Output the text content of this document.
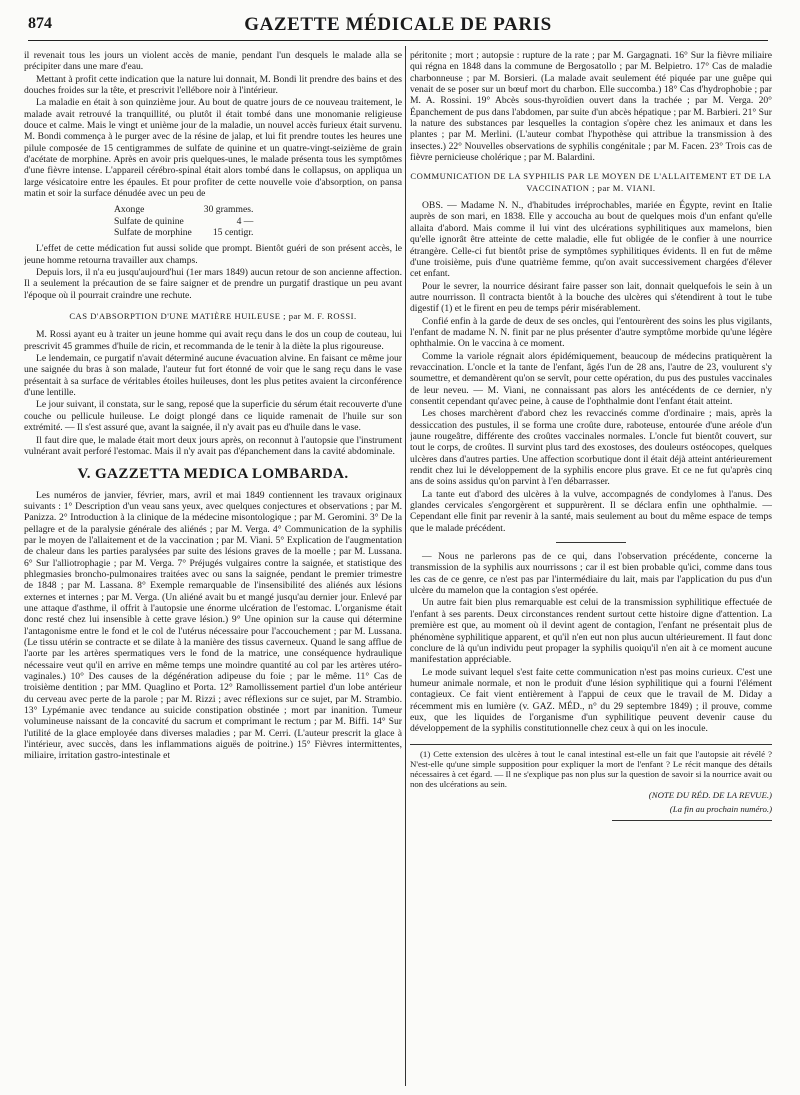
874	GAZETTE MÉDICALE DE PARIS

il revenait tous les jours un violent accès de manie, pendant l'un desquels le malade alla se précipiter dans une mare d'eau.

Mettant à profit cette indication que la nature lui donnait, M. Bondi lit prendre des bains et des douches froides sur la tête, et prescrivit l'ellébore noir à l'intérieur.

La maladie en était à son quinzième jour. Au bout de quatre jours de ce nouveau traitement, le malade avait retrouvé la tranquillité, ou plutôt il était tombé dans une monomanie religieuse douce et calme. Mais le vingt et unième jour de la maladie, un nouvel accès furieux était survenu. M. Bondi commença à le purger avec de la résine de jalap, et lui fit prendre toutes les heures une pilule composée de 15 centigrammes de sulfate de quinine et un quatre-vingt-seizième de grain d'acétate de morphine. Après en avoir pris quelques-unes, le malade présenta tous les symptômes d'une fièvre intense. L'appareil cérébro-spinal était alors tombé dans le collapsus, on appliqua un large vésicatoire entre les épaules. Et pour profiter de cette nouvelle voie d'absorption, on pansa matin et soir la surface dénudée avec un peu de

Axonge	30 grammes.
Sulfate de quinine	4 —
Sulfate de morphine	15 centigr.

L'effet de cette médication fut aussi solide que prompt. Bientôt guéri de son présent accès, le jeune homme retourna travailler aux champs.

Depuis lors, il n'a eu jusqu'aujourd'hui (1er mars 1849) aucun retour de son ancienne affection. Il a seulement la précaution de se faire saigner et de prendre un purgatif drastique un peu avant l'époque où il pourrait craindre une rechute.

CAS D'ABSORPTION D'UNE MATIÈRE HUILEUSE ; par M. F. ROSSI.

M. Rossi ayant eu à traiter un jeune homme qui avait reçu dans le dos un coup de couteau, lui prescrivit 45 grammes d'huile de ricin, et recommanda de le tenir à la diète la plus rigoureuse.

Le lendemain, ce purgatif n'avait déterminé aucune évacuation alvine. En faisant ce même jour une saignée du bras à son malade, l'auteur fut fort étonné de voir que le sang reçu dans le vase présentait à sa surface de véritables étoiles huileuses, dont les plus petites avaient la circonférence d'une lentille.

Le jour suivant, il constata, sur le sang, reposé que la superficie du sérum était recouverte d'une couche ou pellicule huileuse. Le doigt plongé dans ce liquide ramenait de l'huile sur son extrémité. — Il s'est assuré que, avant la saignée, il n'y avait pas eu d'huile dans le vase.

Il faut dire que, le malade était mort deux jours après, on reconnut à l'autopsie que l'instrument vulnérant avait perforé l'estomac. Mais il n'y avait pas d'épanchement dans la cavité abdominale.

V. GAZZETTA MEDICA LOMBARDA.

Les numéros de janvier, février, mars, avril et mai 1849 contiennent les travaux originaux suivants : 1° Description d'un veau sans yeux, avec quelques conjectures et observations ; par M. Panizza. 2° Introduction à la clinique de la médecine misontologique ; par M. Geromini. 3° De la pellagre et de la paralysie générale des aliénés ; par M. Verga. 4° Communication de la syphilis par le moyen de l'allaitement et de la vaccination ; par M. Viani. 5° Explication de l'augmentation de chaleur dans les parties paralysées par suite des lésions graves de la moelle ; par M. Lussana. 6° Sur l'alliotrophagie ; par M. Verga. 7° Préjugés vulgaires contre la saignée, et statistique des phlegmasies broncho-pulmonaires traitées avec ou sans la saignée, pendant le premier trimestre de 1848 ; par M. Lassana. 8° Exemple remarquable de l'insensibilité des aliénés aux lésions externes et internes ; par M. Verga. (Un aliéné avait bu et mangé jusqu'au dernier jour. Enlevé par une attaque d'asthme, il offrit à l'autopsie une énorme ulcération de l'estomac. L'organisme était donc resté chez lui insensible à cette grave lésion.) 9° Une opinion sur la cause qui détermine l'antagonisme entre le fond et le col de l'utérus nécessaire pour l'accouchement ; par M. Lussana. (Le tissu utérin se contracte et se dilate à la manière des tissus caverneux. Quand le sang afflue de l'aorte par les artères spermatiques vers le fond de la matrice, une conséquence hydraulique nécessaire veut qu'il en arrive en même temps une moindre quantité au col par les artères utéro-vaginales.) 10° Des causes de la dégénération adipeuse du foie ; par le même. 11° Cas de troisième dentition ; par MM. Quaglino et Porta. 12° Ramollissement partiel d'un lobe antérieur du cerveau avec perte de la parole ; par M. Rizzi ; avec réflexions sur ce sujet, par M. Strambio. 13° Lypémanie avec tendance au suicide constipation obstinée ; mort par inanition. Tumeur volumineuse naissant de la concavité du sacrum et comprimant le rectum ; par M. Biffi. 14° Sur l'utilité de la glace employée dans diverses maladies ; par M. Cerri. (L'auteur prescrit la glace à l'intérieur, avec succès, dans les inflammations aiguës de poitrine.) 15° Fièvres intermittentes, miliaire, irritation gastro-intestinale et

péritonite ; mort ; autopsie : rupture de la rate ; par M. Gargagnati. 16° Sur la fièvre miliaire qui régna en 1848 dans la commune de Bergosatollo ; par M. Belpietro. 17° Cas de maladie charbonneuse ; par M. Borsieri. (La malade avait seulement été piquée par une guêpe qui venait de se poser sur un bœuf mort du charbon. Elle succomba.) 18° Cas d'hydrophobie ; par M. A. Rossini. 19° Abcès sous-thyroïdien ouvert dans la trachée ; par M. Verga. 20° Épanchement de pus dans l'abdomen, par suite d'un abcès hépatique ; par M. Barbieri. 21° Sur la nature des substances par lesquelles la contagion s'opère chez les animaux et dans les plantes ; par M. Merlini. (L'auteur combat l'hypothèse qui attribue la transmission à des insectes.) 22° Nouvelles observations de syphilis congénitale ; par M. Facen. 23° Trois cas de fièvre pernicieuse cholérique ; par M. Balardini.

COMMUNICATION DE LA SYPHILIS PAR LE MOYEN DE L'ALLAITEMENT ET DE LA VACCINATION ; par M. VIANI.

OBS. — Madame N. N., d'habitudes irréprochables, mariée en Égypte, revint en Italie auprès de son mari, en 1838. Elle y accoucha au bout de quelques mois d'un enfant qu'elle allaita d'abord. Mais comme il lui vint des ulcérations syphilitiques aux mamelons, bien qu'elle ignorât être atteinte de cette maladie, elle fut obligée de le confier à une nourrice étrangère. Celle-ci fut bientôt prise de symptômes syphilitiques évidents. Il en fut de même d'une troisième, puis d'une quatrième femme, qu'on avait successivement chargées d'élever cet enfant.

Pour le sevrer, la nourrice désirant faire passer son lait, donnait quelquefois le sein à un autre nourrisson. Il contracta bientôt à la bouche des ulcères qui s'étendirent à tout le tube digestif (1) et le firent en peu de temps périr misérablement.

Confié enfin à la garde de deux de ses oncles, qui l'entourèrent des soins les plus vigilants, l'enfant de madame N. N. finit par ne plus présenter d'autre symptôme morbide qu'une légère ophthalmie. On le vaccina à ce moment.

Comme la variole régnait alors épidémiquement, beaucoup de médecins pratiquèrent la revaccination. L'oncle et la tante de l'enfant, âgés l'un de 28 ans, l'autre de 23, voulurent s'y soumettre, et demandèrent qu'on se servît, pour cette opération, du pus des pustules vaccinales de leur neveu. — M. Viani, ne connaissant pas alors les antécédents de ce dernier, n'y consentit cependant qu'avec peine, à cause de l'ophthalmie dont l'enfant était atteint.

Les choses marchèrent d'abord chez les revaccinés comme d'ordinaire ; mais, après la dessiccation des pustules, il se forma une croûte dure, raboteuse, entourée d'une aréole d'un jaune rougeâtre, différente des croûtes vaccinales normales. L'oncle fut bientôt couvert, sur tout le corps, de croûtes. Il survint plus tard des exostoses, des douleurs ostéocopes, quelques ulcères dans d'autres parties. Une affection scorbutique dont il était déjà atteint antérieurement rendit chez lui le développement de la syphilis encore plus grave. Et ce ne fut qu'après cinq ans de soins assidus qu'on parvint à l'en débarrasser.

La tante eut d'abord des ulcères à la vulve, accompagnés de condylomes à l'anus. Des glandes cervicales s'engorgèrent et suppurèrent. Il se déclara enfin une ophthalmie. — Cependant elle finit par revenir à la santé, mais seulement au bout du même espace de temps que le malade précédent.

— Nous ne parlerons pas de ce qui, dans l'observation précédente, concerne la transmission de la syphilis aux nourrissons ; car il est bien probable qu'ici, comme dans tous les cas de ce genre, ce n'est pas par l'intermédiaire du lait, mais par l'application du pus d'un ulcère du mamelon que la contagion s'est opérée.

Un autre fait bien plus remarquable est celui de la transmission syphilitique effectuée de l'enfant à ses parents. Deux circonstances rendent surtout cette histoire digne d'attention. La première est que, au moment où il devint agent de contagion, l'enfant ne présentait plus de phénomène syphilitique apparent, et qu'il n'en eut non plus aucun ultérieurement. Il faut donc conclure de là qu'un individu peut propager la syphilis quoiqu'il n'en ait à ce moment aucune manifestation appréciable.

Le mode suivant lequel s'est faite cette communication n'est pas moins curieux. C'est une humeur animale normale, et non le produit d'une lésion syphilitique qui a fourni l'élément contagieux. Ce fait vient entièrement à l'appui de ceux que le travail de M. Diday a récemment mis en lumière (v. GAZ. MÉD., n° du 29 septembre 1849) ; il prouve, comme eux, que les liquides de l'organisme d'un syphilitique peuvent devenir cause du développement de la syphilis constitutionnelle chez ceux à qui on les inocule.

(1) Cette extension des ulcères à tout le canal intestinal est-elle un fait que l'autopsie ait révélé ? N'est-elle qu'une simple supposition pour expliquer la mort de l'enfant ? Le récit manque des détails nécessaires à cet égard. — Il ne s'explique pas non plus sur la question de savoir si la nourrice avait ou non des ulcérations au sein.

(NOTE DU RÉD. DE LA REVUE.)
(La fin au prochain numéro.)
